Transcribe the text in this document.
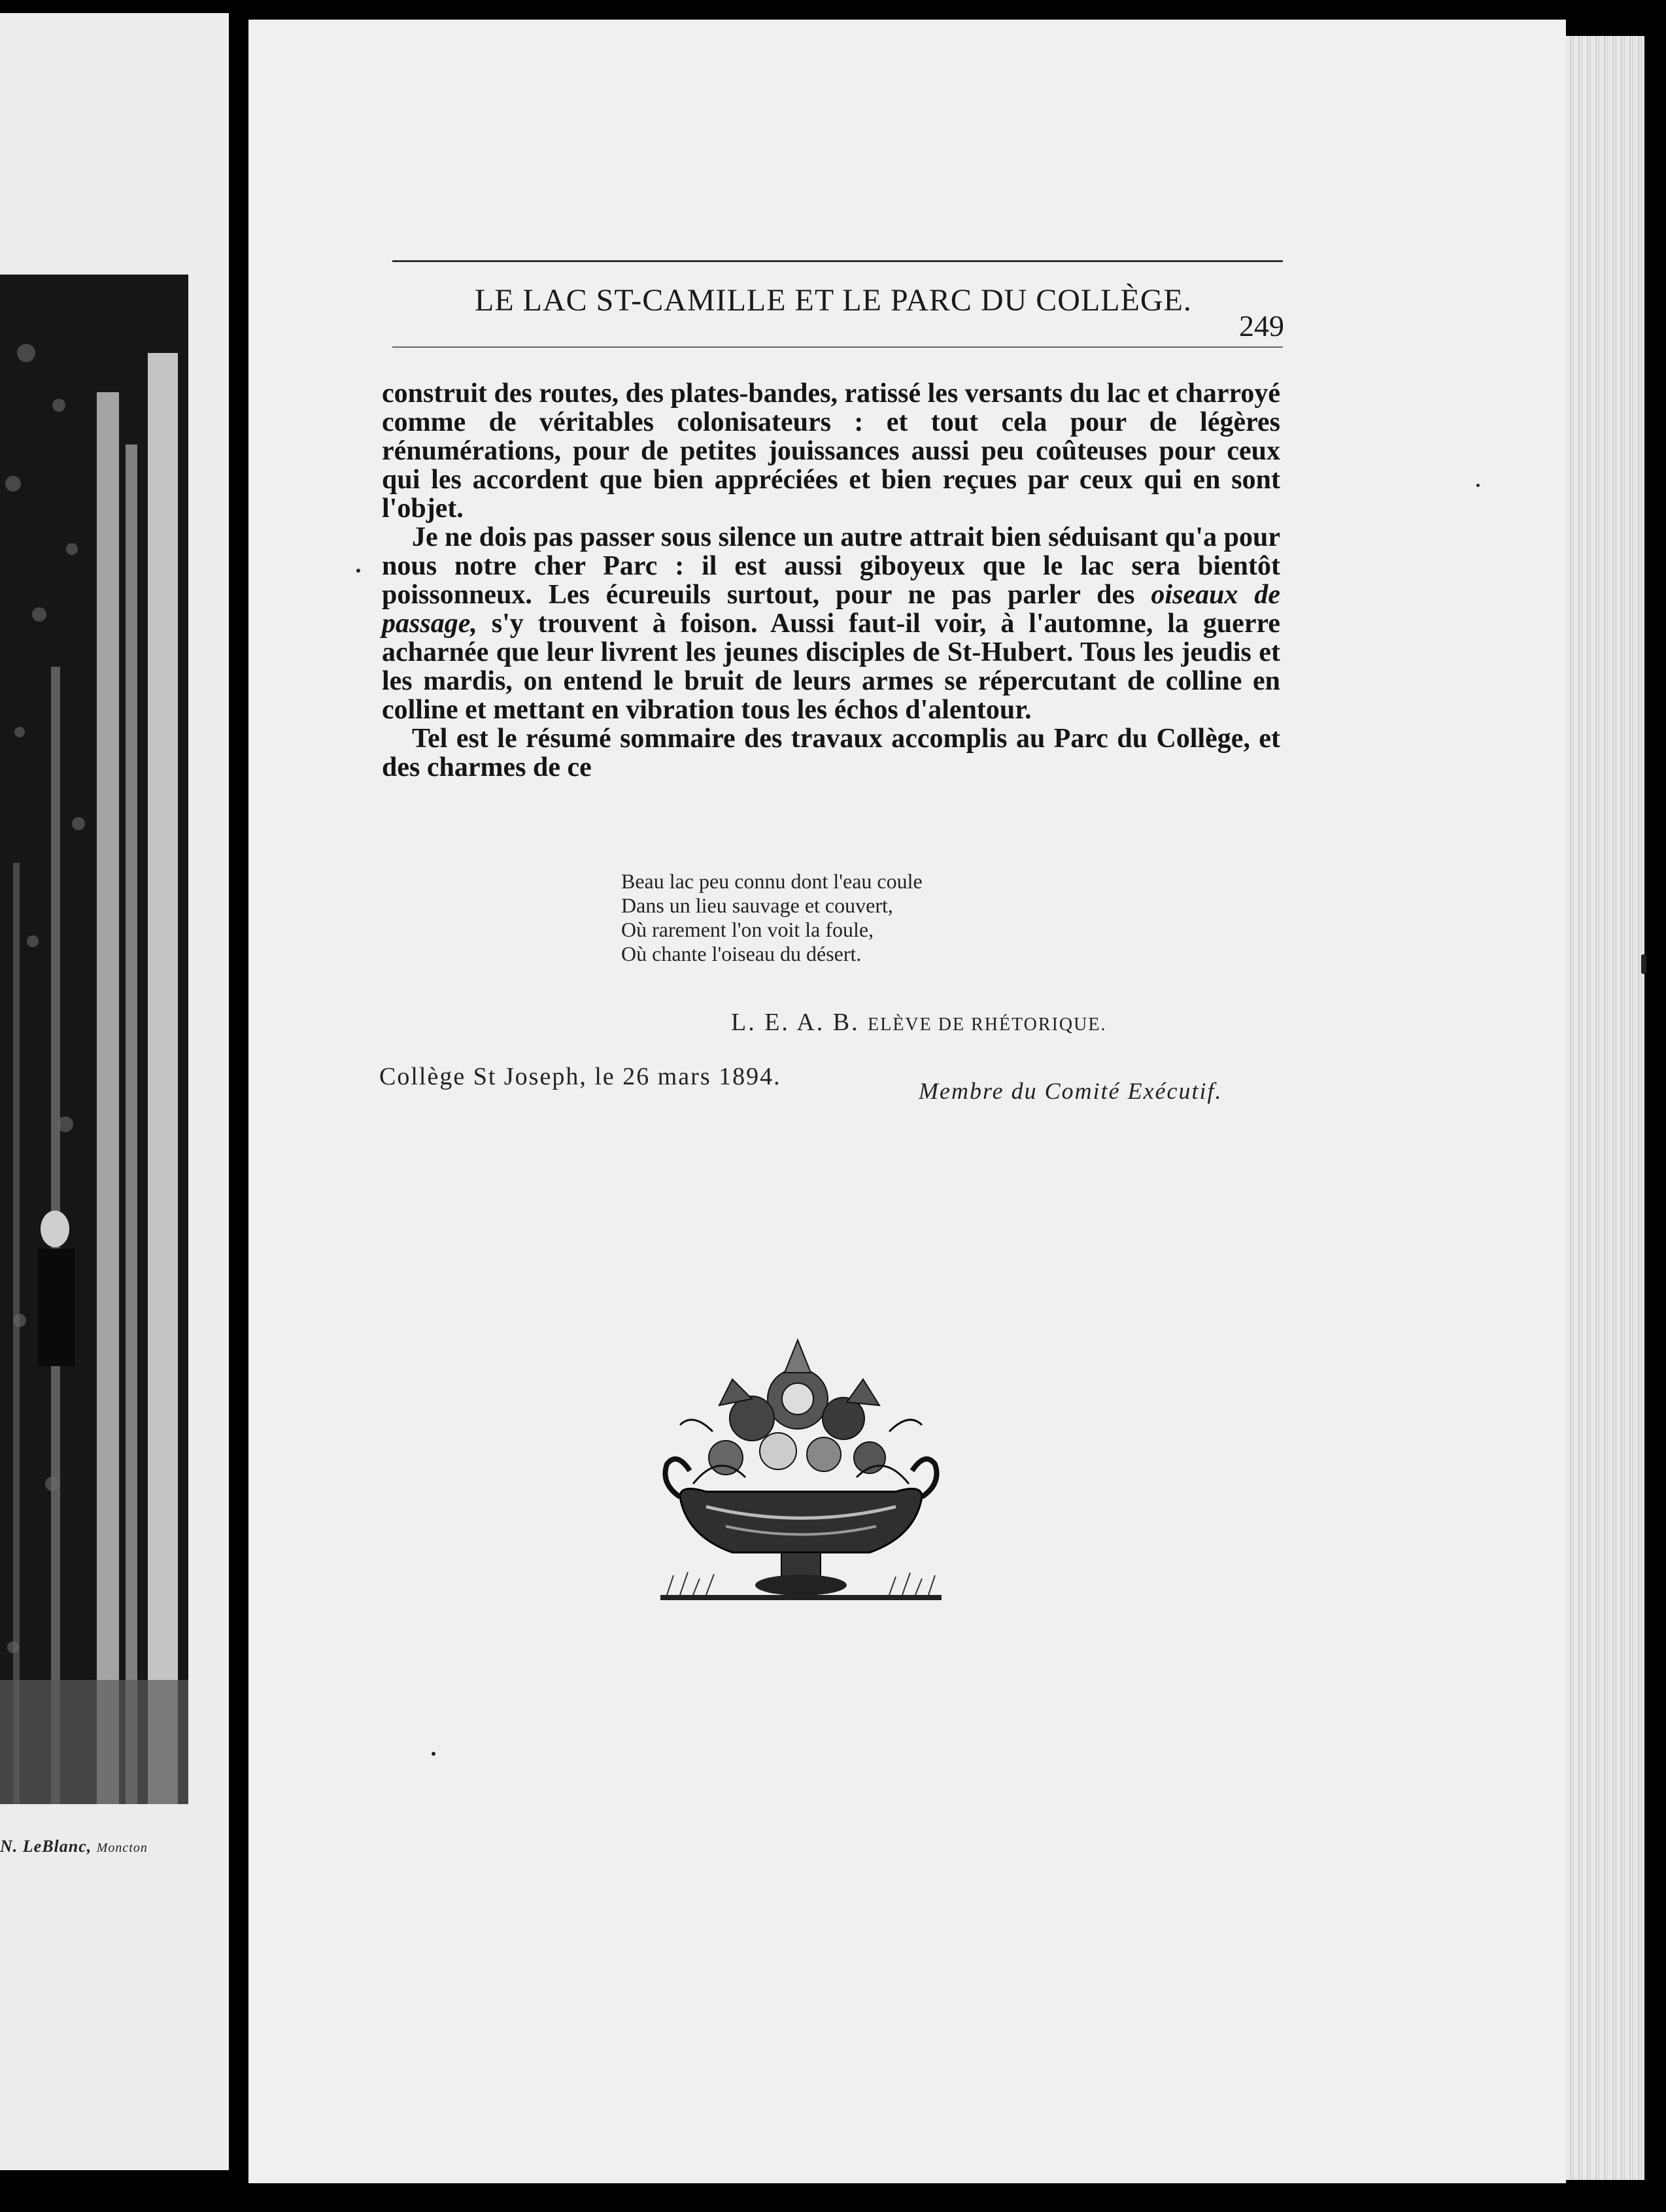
N. LeBlanc, Moncton
LE LAC ST-CAMILLE ET LE PARC DU COLLÈGE.
249

construit des routes, des plates-bandes, ratissé les versants du lac et charroyé comme de véritables colonisateurs : et tout cela pour de légères rénumérations, pour de petites jouissances aussi peu coûteuses pour ceux qui les accordent que bien appréciées et bien reçues par ceux qui en sont l'objet.

Je ne dois pas passer sous silence un autre attrait bien séduisant qu'a pour nous notre cher Parc : il est aussi giboyeux que le lac sera bientôt poissonneux. Les écureuils surtout, pour ne pas parler des oiseaux de passage, s'y trouvent à foison. Aussi faut-il voir, à l'automne, la guerre acharnée que leur livrent les jeunes disciples de St-Hubert. Tous les jeudis et les mardis, on entend le bruit de leurs armes se répercutant de colline en colline et mettant en vibration tous les échos d'alentour.

Tel est le résumé sommaire des travaux accomplis au Parc du Collège, et des charmes de ce

Beau lac peu connu dont l'eau coule
Dans un lieu sauvage et couvert,
Où rarement l'on voit la foule,
Où chante l'oiseau du désert.
L. E. A. B. ELÈVE DE RHÉTORIQUE.
Collège St Joseph, le 26 mars 1894.
Membre du Comité Exécutif.
